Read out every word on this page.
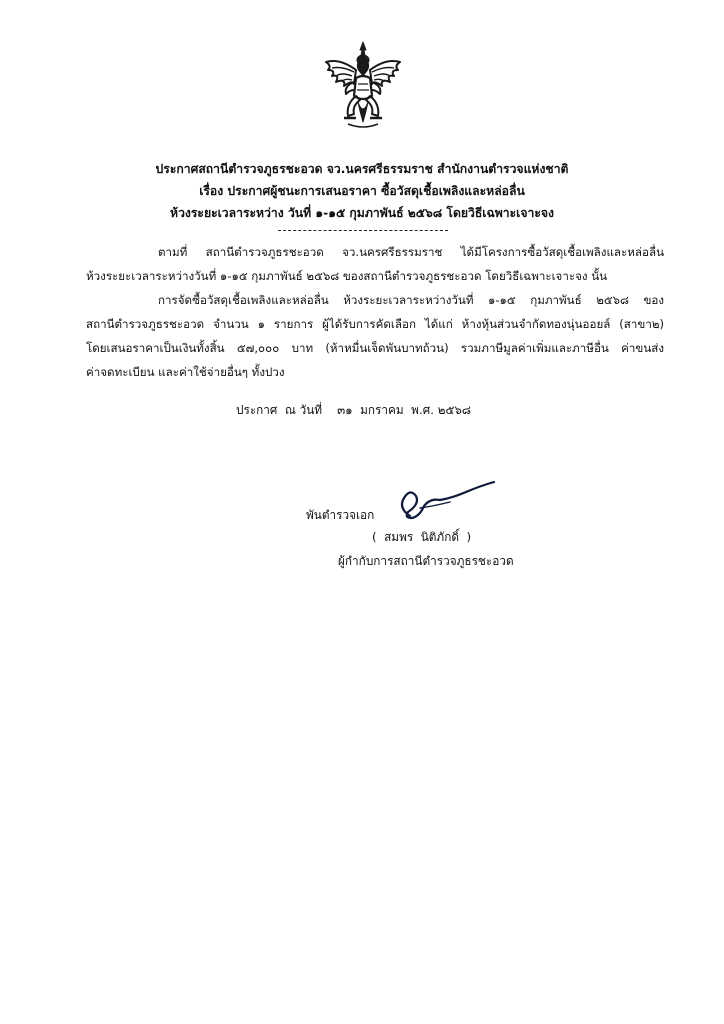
ประกาศสถานีตำรวจภูธรชะอวด จว.นครศรีธรรมราช สำนักงานตำรวจแห่งชาติ
เรื่อง ประกาศผู้ชนะการเสนอราคา ซื้อวัสดุเชื้อเพลิงและหล่อลื่น
ห้วงระยะเวลาระหว่าง วันที่ ๑-๑๕ กุมภาพันธ์ ๒๕๖๘ โดยวิธีเฉพาะเจาะจง
ตามที่ สถานีตำรวจภูธรชะอวด จว.นครศรีธรรมราช ได้มีโครงการซื้อวัสดุเชื้อเพลิงและหล่อลื่น
ห้วงระยะเวลาระหว่างวันที่ ๑-๑๕ กุมภาพันธ์ ๒๕๖๘ ของสถานีตำรวจภูธรชะอวด โดยวิธีเฉพาะเจาะจง นั้น
การจัดซื้อวัสดุเชื้อเพลิงและหล่อลื่น ห้วงระยะเวลาระหว่างวันที่ ๑-๑๕ กุมภาพันธ์ ๒๕๖๘ ของ
สถานีตำรวจภูธรชะอวด จำนวน ๑ รายการ ผู้ได้รับการคัดเลือก ได้แก่ ห้างหุ้นส่วนจำกัดทองนุ่นออยล์ (สาขา๒)
โดยเสนอราคาเป็นเงินทั้งสิ้น ๕๗,๐๐๐ บาท (ห้าหมื่นเจ็ดพันบาทถ้วน) รวมภาษีมูลค่าเพิ่มและภาษีอื่น ค่าขนส่ง
ค่าจดทะเบียน และค่าใช้จ่ายอื่นๆ ทั้งปวง
ประกาศ  ณ วันที่    ๓๑  มกราคม  พ.ศ. ๒๕๖๘
พันตำรวจเอก
(  สมพร  นิติภักดิ์  )
ผู้กำกับการสถานีตำรวจภูธรชะอวด
